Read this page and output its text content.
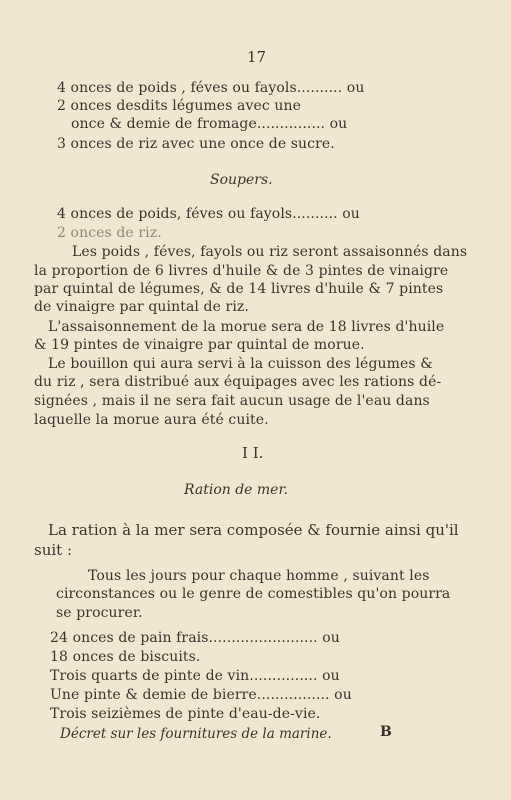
17
4 onces de poids , féves ou fayols.......... ou
2 onces desdits légumes avec une
once & demie de fromage............... ou
3 onces de riz avec une once de sucre.
Soupers.
4 onces de poids, féves ou fayols.......... ou
2 onces de riz.
Les poids , féves, fayols ou riz seront assaisonnés dans
la proportion de 6 livres d'huile & de 3 pintes de vinaigre
par quintal de légumes, & de 14 livres d'huile & 7 pintes
de vinaigre par quintal de riz.
L'assaisonnement de la morue sera de 18 livres d'huile
& 19 pintes de vinaigre par quintal de morue.
Le bouillon qui aura servi à la cuisson des légumes &
du riz , sera distribué aux équipages avec les rations dé-
signées , mais il ne sera fait aucun usage de l'eau dans
laquelle la morue aura été cuite.
I I.
Ration de mer.
La ration à la mer sera composée & fournie ainsi qu'il
suit :
Tous les jours pour chaque homme , suivant les
circonstances ou le genre de comestibles qu'on pourra
se procurer.
24 onces de pain frais........................ ou
18 onces de biscuits.
Trois quarts de pinte de vin............... ou
Une pinte & demie de bierre................ ou
Trois seizièmes de pinte d'eau-de-vie.
Décret sur les fournitures de la marine.	B
